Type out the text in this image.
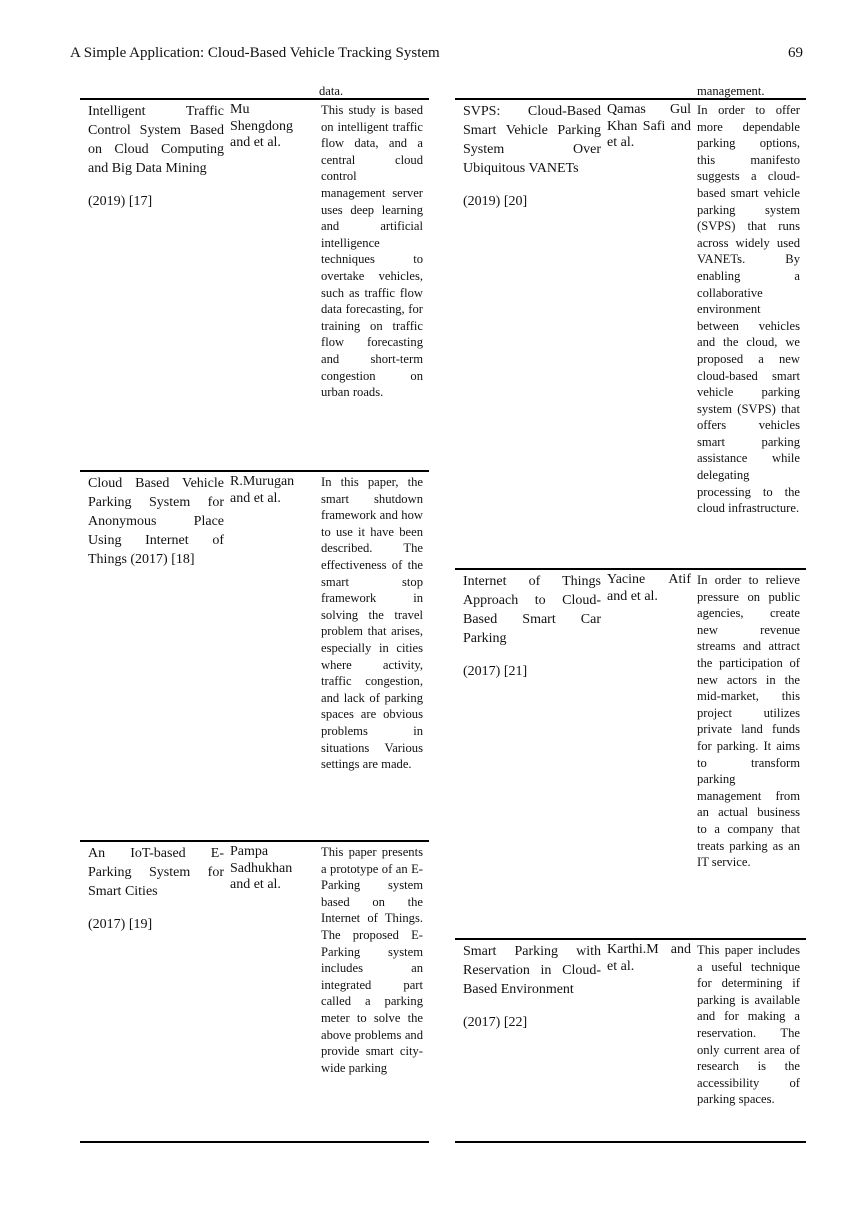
A Simple Application: Cloud-Based Vehicle Tracking System	69
data.
Intelligent Traffic Control System Based on Cloud Computing and Big Data Mining
(2019) [17]
Mu Shengdong and et al.
This study is based on intelligent traffic flow data, and a central cloud control management server uses deep learning and artificial intelligence techniques to overtake vehicles, such as traffic flow data forecasting, for training on traffic flow forecasting and short-term congestion on urban roads.
Cloud Based Vehicle Parking System for Anonymous Place Using Internet of Things (2017) [18]
R.Murugan and et al.
In this paper, the smart shutdown framework and how to use it have been described. The effectiveness of the smart stop framework in solving the travel problem that arises, especially in cities where activity, traffic congestion, and lack of parking spaces are obvious problems in situations Various settings are made.
An IoT-based E-Parking System for Smart Cities
(2017) [19]
Pampa Sadhukhan and et al.
This paper presents a prototype of an E-Parking system based on the Internet of Things. The proposed E-Parking system includes an integrated part called a parking meter to solve the above problems and provide smart city-wide parking
management.
SVPS: Cloud-Based Smart Vehicle Parking System Over Ubiquitous VANETs
(2019) [20]
Qamas Gul Khan Safi and et al.
In order to offer more dependable parking options, this manifesto suggests a cloud-based smart vehicle parking system (SVPS) that runs across widely used VANETs. By enabling a collaborative environment between vehicles and the cloud, we proposed a new cloud-based smart vehicle parking system (SVPS) that offers vehicles smart parking assistance while delegating processing to the cloud infrastructure.
Internet of Things Approach to Cloud-Based Smart Car Parking
(2017) [21]
Yacine Atif and et al.
In order to relieve pressure on public agencies, create new revenue streams and attract the participation of new actors in the mid-market, this project utilizes private land funds for parking. It aims to transform parking management from an actual business to a company that treats parking as an IT service.
Smart Parking with Reservation in Cloud-Based Environment
(2017) [22]
Karthi.M and et al.
This paper includes a useful technique for determining if parking is available and for making a reservation. The only current area of research is the accessibility of parking spaces.
